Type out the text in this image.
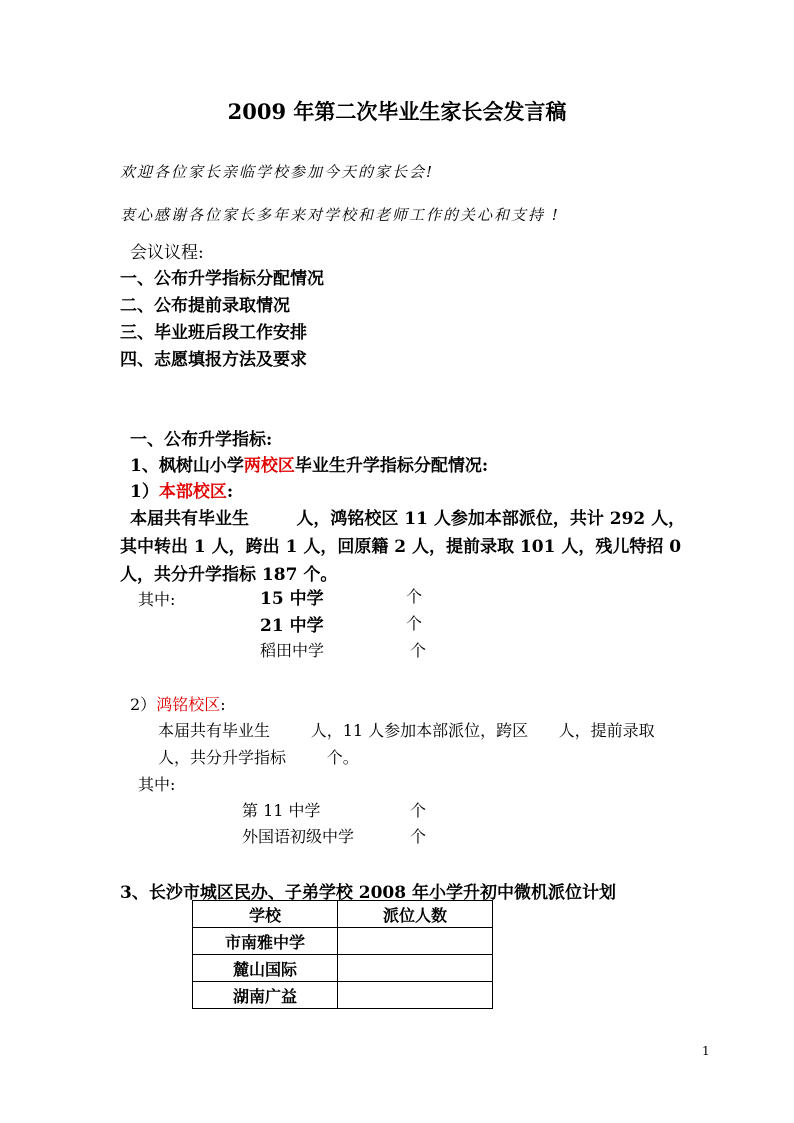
2009 年第二次毕业生家长会发言稿
欢迎各位家长亲临学校参加今天的家长会!
衷心感谢各位家长多年来对学校和老师工作的关心和支持 !
会议议程:
一、公布升学指标分配情况
二、公布提前录取情况
三、毕业班后段工作安排
四、志愿填报方法及要求
一、公布升学指标:
1、枫树山小学两校区毕业生升学指标分配情况:
1）本部校区:
本届共有毕业生        人，鸿铭校区 11 人参加本部派位，共计 292 人，
其中转出 1 人，跨出 1 人，回原籍 2 人，提前录取 101 人，残儿特招 0
人，共分升学指标 187 个。
其中:	15 中学	个
21 中学	个
稻田中学	个
2）鸿铭校区:
本届共有毕业生        人，11 人参加本部派位，跨区      人，提前录取
人，共分升学指标        个。
其中:
第 11 中学	个
外国语初级中学	个
3、长沙市城区民办、子弟学校 2008 年小学升初中微机派位计划
学校	派位人数
市南雅中学	
麓山国际	
湖南广益	
1
